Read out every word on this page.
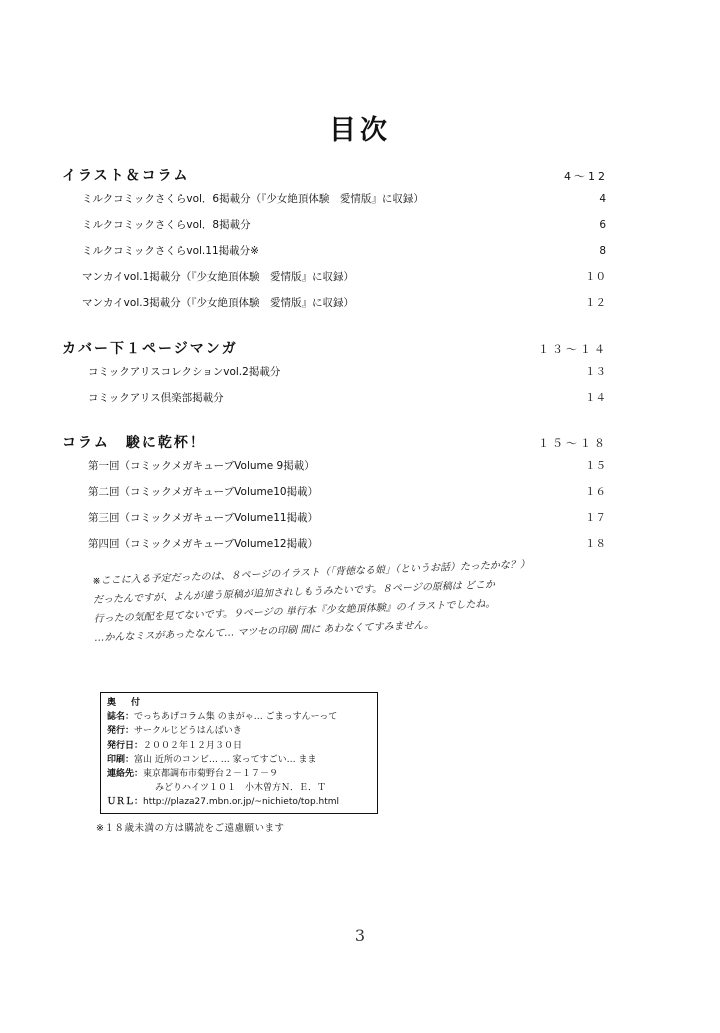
目次
イラスト＆コラム	4～12
ミルクコミックさくらvol．6掲載分（『少女絶頂体験　愛情版』に収録）	4
ミルクコミックさくらvol．8掲載分	6
ミルクコミックさくらvol.11掲載分※	8
マンカイvol.1掲載分（『少女絶頂体験　愛情版』に収録）	１０
マンカイvol.3掲載分（『少女絶頂体験　愛情版』に収録）	１２
カバー下１ページマンガ	１３～１４
コミックアリスコレクションvol.2掲載分	１３
コミックアリス倶楽部掲載分	１４
コラム　駿に乾杯！	１５～１８
第一回（コミックメガキューブVolume 9掲載）	１５
第二回（コミックメガキューブVolume10掲載）	１６
第三回（コミックメガキューブVolume11掲載）	１７
第四回（コミックメガキューブVolume12掲載）	１８
※ここに入る予定だったのは、８ページのイラスト（「背徳なる娘」（というお話）たったかな？）
だったんですが、よんが違う原稿が追加されしもうみたいです。８ページの原稿は どこか
行ったの気配を見てないです。９ページの 単行本『少女絶頂体験』のイラストでしたね。
…かんなミスがあったなんて… マツセの印刷 間に あわなくてすみません。
奥　付
誌名：でっちあげコラム集 のまがゃ… ごまっすんーって
発行：サークルじどうはんばいき
発行日：２００２年１２月３０日
印刷：富山 近所のコンビ… … 家ってすごい… まま
連絡先：東京都調布市菊野台２－１７－９
みどりハイツ１０１　小木曽方Ｎ．Ｅ．Ｔ
ＵＲＬ：http://plaza27.mbn.or.jp/~nichieto/top.html
※１８歳未満の方は購読をご遠慮願います
3
